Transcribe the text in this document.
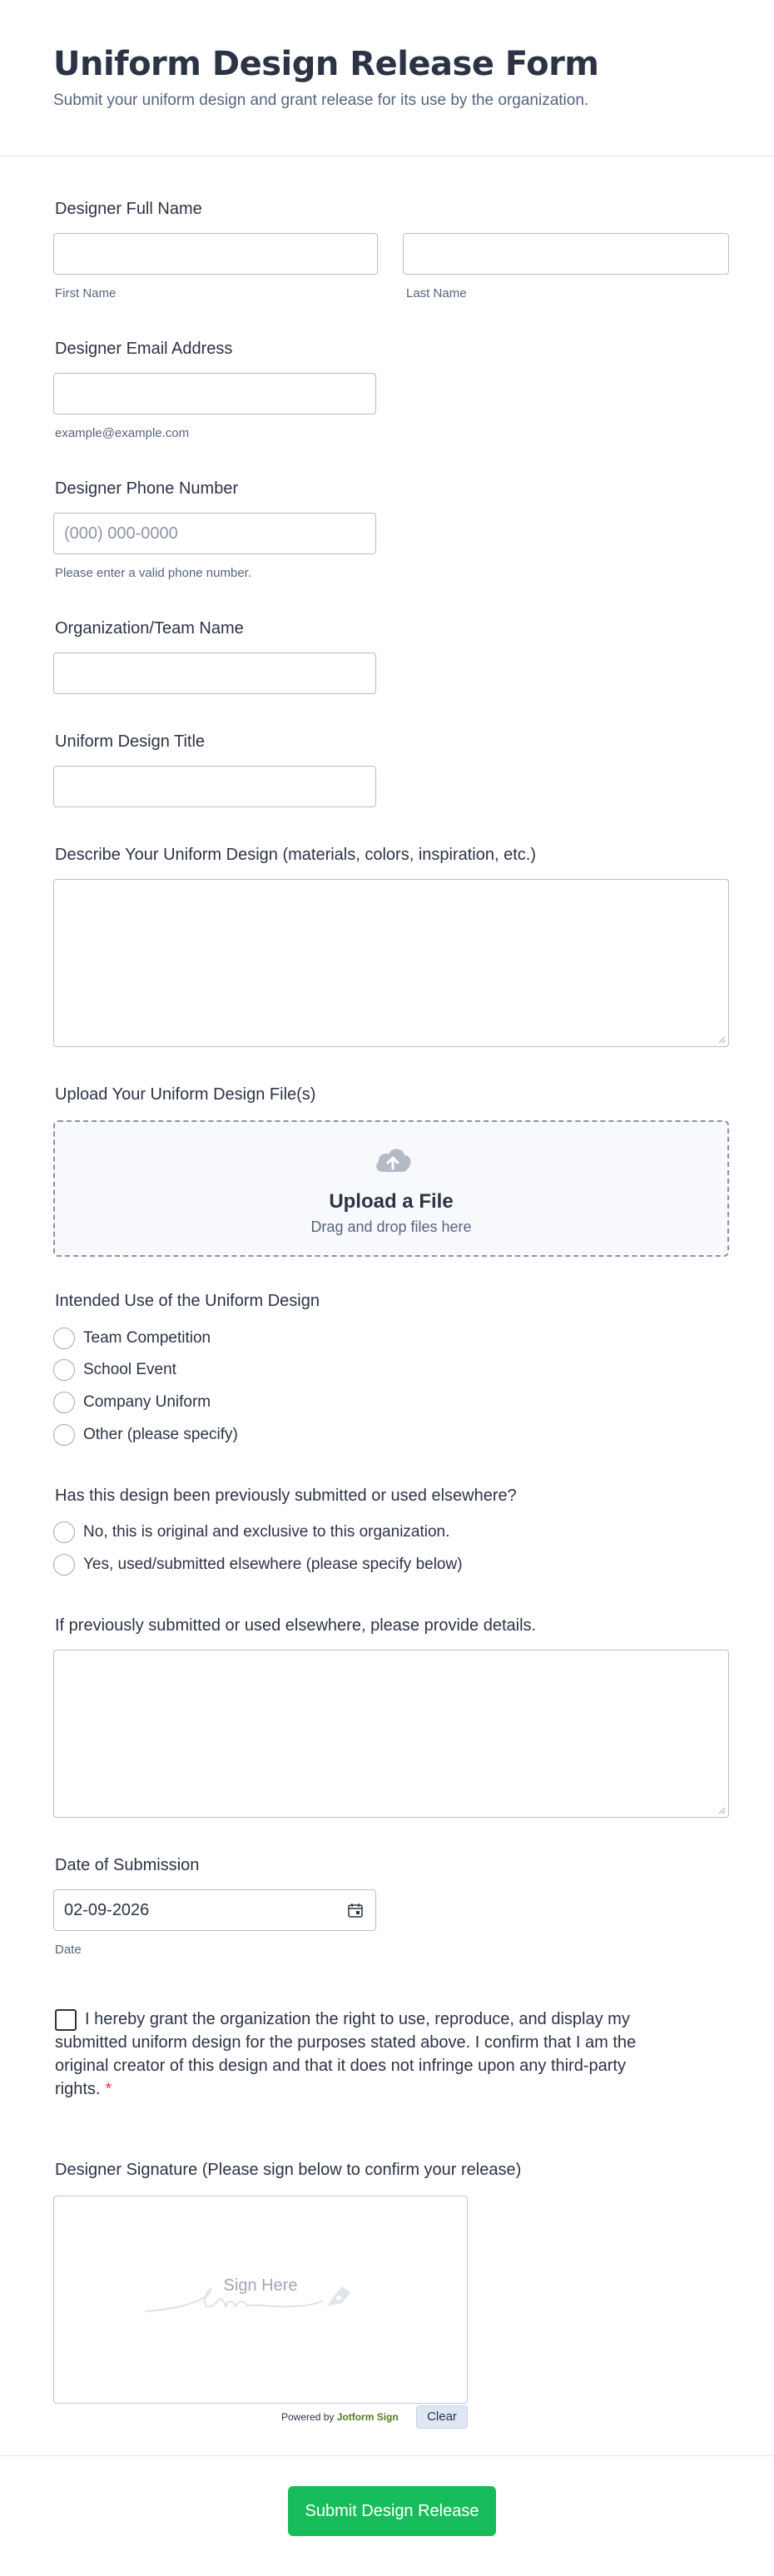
Uniform Design Release Form

Submit your uniform design and grant release for its use by the organization.

Designer Full Name
First Name	Last Name
Designer Email Address
example@example.com
Designer Phone Number
(000) 000-0000
Please enter a valid phone number.
Organization/Team Name
Uniform Design Title
Describe Your Uniform Design (materials, colors, inspiration, etc.)
Upload Your Uniform Design File(s)
Upload a File
Drag and drop files here
Intended Use of the Uniform Design
Team Competition
School Event
Company Uniform
Other (please specify)
Has this design been previously submitted or used elsewhere?
No, this is original and exclusive to this organization.
Yes, used/submitted elsewhere (please specify below)
If previously submitted or used elsewhere, please provide details.
Date of Submission
02-09-2026
Date
I hereby grant the organization the right to use, reproduce, and display my submitted uniform design for the purposes stated above. I confirm that I am the original creator of this design and that it does not infringe upon any third-party rights. *
Designer Signature (Please sign below to confirm your release)
Sign Here
Powered by Jotform Sign	Clear
Submit Design Release
